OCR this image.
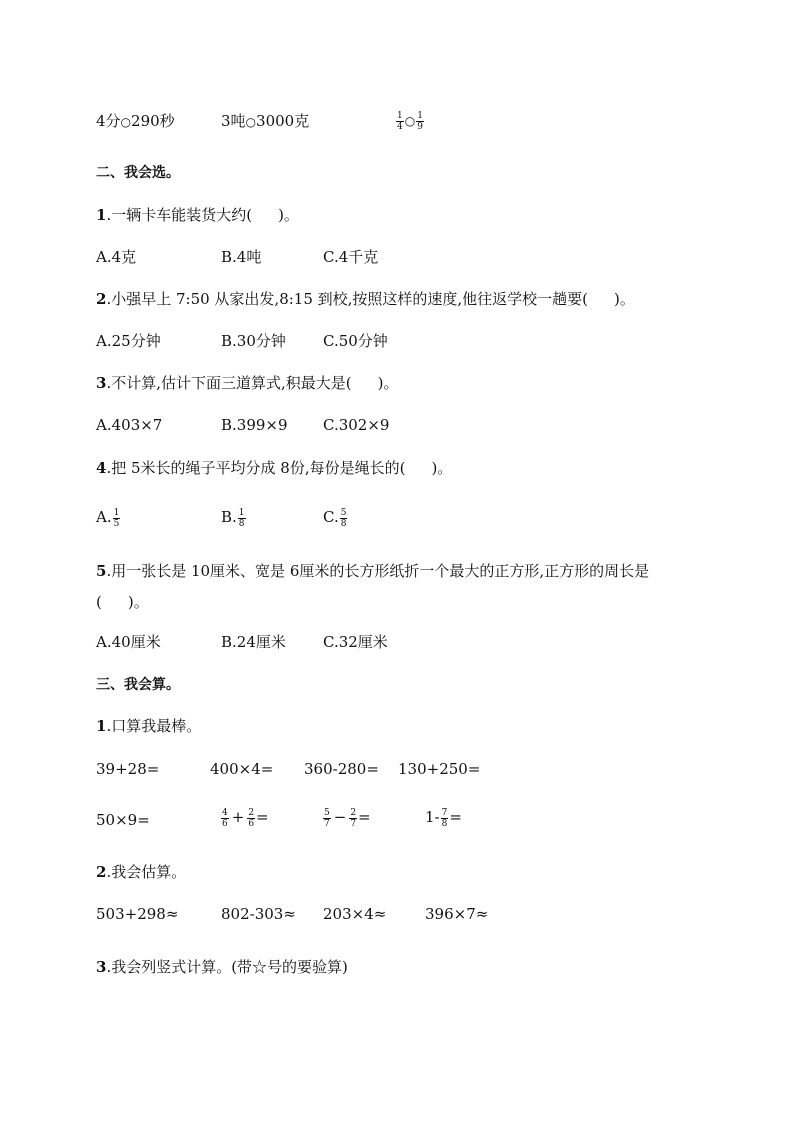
4分○290秒	3吨○3000克	$\frac{1}{4}$ ○ $\frac{1}{9}$
二、我会选。
1.一辆卡车能装货大约( )。
A.4克	B.4吨	C.4千克
2.小强早上 7:50 从家出发,8:15 到校,按照这样的速度,他往返学校一趟要( )。
A.25分钟	B.30分钟 C.50分钟
3.不计算,估计下面三道算式,积最大是( )。
A.403×7	B.399×9 C.302×9
4.把 5米长的绳子平均分成 8份,每份是绳长的( )。
A. $\frac{1}{5}$	B. $\frac{1}{8}$	C. $\frac{5}{8}$
5.用一张长是 10厘米、宽是 6厘米的长方形纸折一个最大的正方形,正方形的周长是
( )。
A.40厘米	B.24厘米 C.32厘米
三、我会算。
1.口算我最棒。
39+28=	400×4= 360-280= 130+250=
50×9=	$\frac{4}{6} + \frac{2}{6}$ =	$\frac{5}{7} - \frac{2}{7}$ =	$1- \frac{7}{8}$ =
2.我会估算。
503+298≈	802-303≈ 203×4≈	396×7≈
3.我会列竖式计算。(带☆号的要验算)
